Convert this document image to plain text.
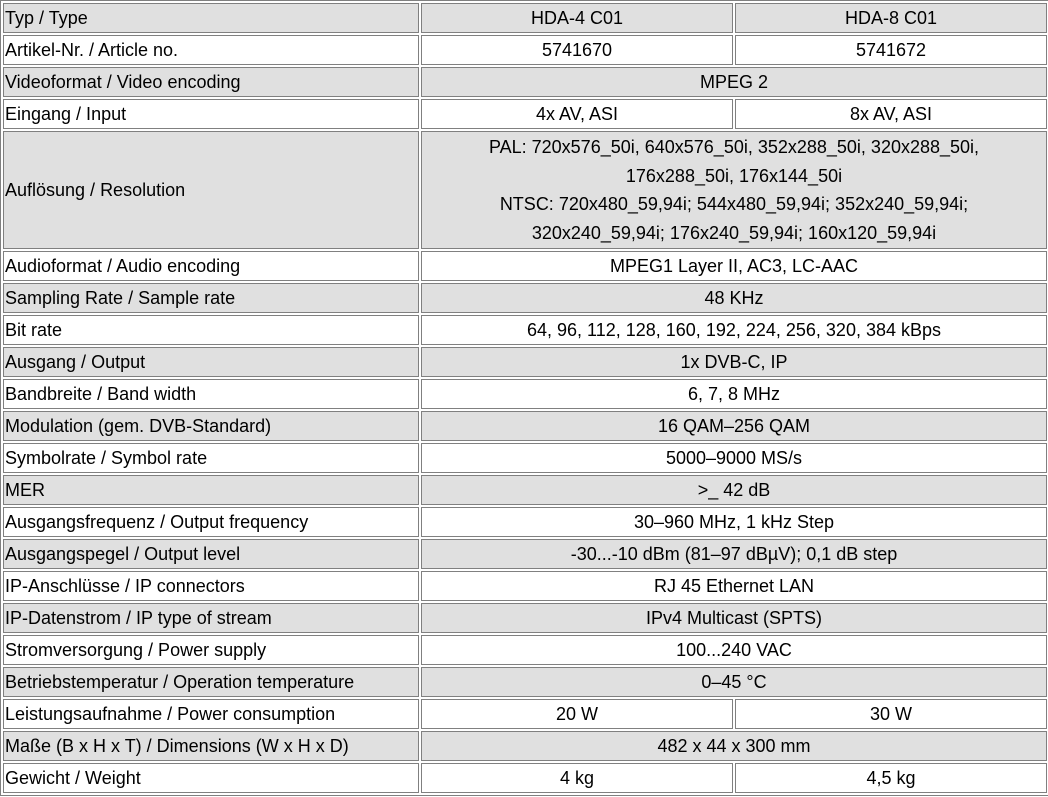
Typ / Type	HDA-4 C01	HDA-8 C01
Artikel-Nr. / Article no.	5741670	5741672
Videoformat / Video encoding	MPEG 2	
Eingang / Input	4x AV, ASI	8x AV, ASI
Auflösung / Resolution	PAL: 720x576_50i, 640x576_50i, 352x288_50i, 320x288_50i,
176x288_50i, 176x144_50i
NTSC: 720x480_59,94i; 544x480_59,94i; 352x240_59,94i;
320x240_59,94i; 176x240_59,94i; 160x120_59,94i	

Audioformat / Audio encoding	MPEG1 Layer II, AC3, LC-AAC	
Sampling Rate / Sample rate	48 KHz	
Bit rate	64, 96, 112, 128, 160, 192, 224, 256, 320, 384 kBps	
Ausgang / Output	1x DVB-C, IP	
Bandbreite / Band width	6, 7, 8 MHz	
Modulation (gem. DVB-Standard)	16 QAM–256 QAM	
Symbolrate / Symbol rate	5000–9000 MS/s	
MER	>_ 42 dB	
Ausgangsfrequenz / Output frequency	30–960 MHz, 1 kHz Step	
Ausgangspegel / Output level	-30...-10 dBm (81–97 dBµV); 0,1 dB step	
IP-Anschlüsse / IP connectors	RJ 45 Ethernet LAN	
IP-Datenstrom / IP type of stream	IPv4 Multicast (SPTS)	
Stromversorgung / Power supply	100...240 VAC	
Betriebstemperatur / Operation temperature	0–45 °C	
Leistungsaufnahme / Power consumption	20 W	30 W
Maße (B x H x T) / Dimensions (W x H x D)	482 x 44 x 300 mm	
Gewicht / Weight	4 kg	4,5 kg
